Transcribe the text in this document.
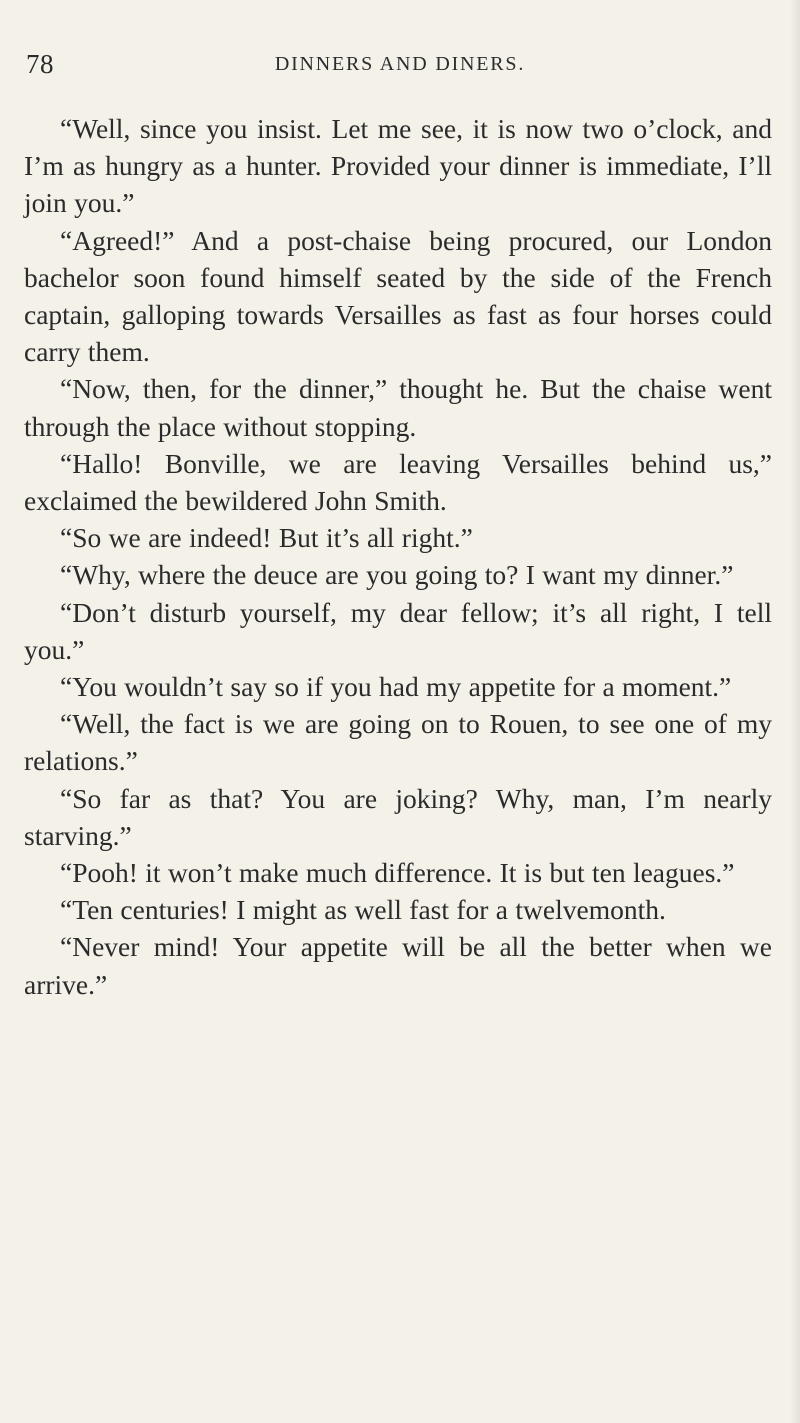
78	DINNERS AND DINERS.

“Well, since you insist. Let me see, it is now two o’clock, and I’m as hungry as a hunter. Provided your dinner is immediate, I’ll join you.”

“Agreed!” And a post-chaise being procured, our London bachelor soon found himself seated by the side of the French captain, galloping towards Versailles as fast as four horses could carry them.

“Now, then, for the dinner,” thought he. But the chaise went through the place without stopping.

“Hallo! Bonville, we are leaving Versailles behind us,” exclaimed the bewildered John Smith.

“So we are indeed! But it’s all right.”

“Why, where the deuce are you going to? I want my dinner.”

“Don’t disturb yourself, my dear fellow; it’s all right, I tell you.”

“You wouldn’t say so if you had my appetite for a moment.”

“Well, the fact is we are going on to Rouen, to see one of my relations.”

“So far as that? You are joking? Why, man, I’m nearly starving.”

“Pooh! it won’t make much difference. It is but ten leagues.”

“Ten centuries! I might as well fast for a twelvemonth.

“Never mind! Your appetite will be all the better when we arrive.”
